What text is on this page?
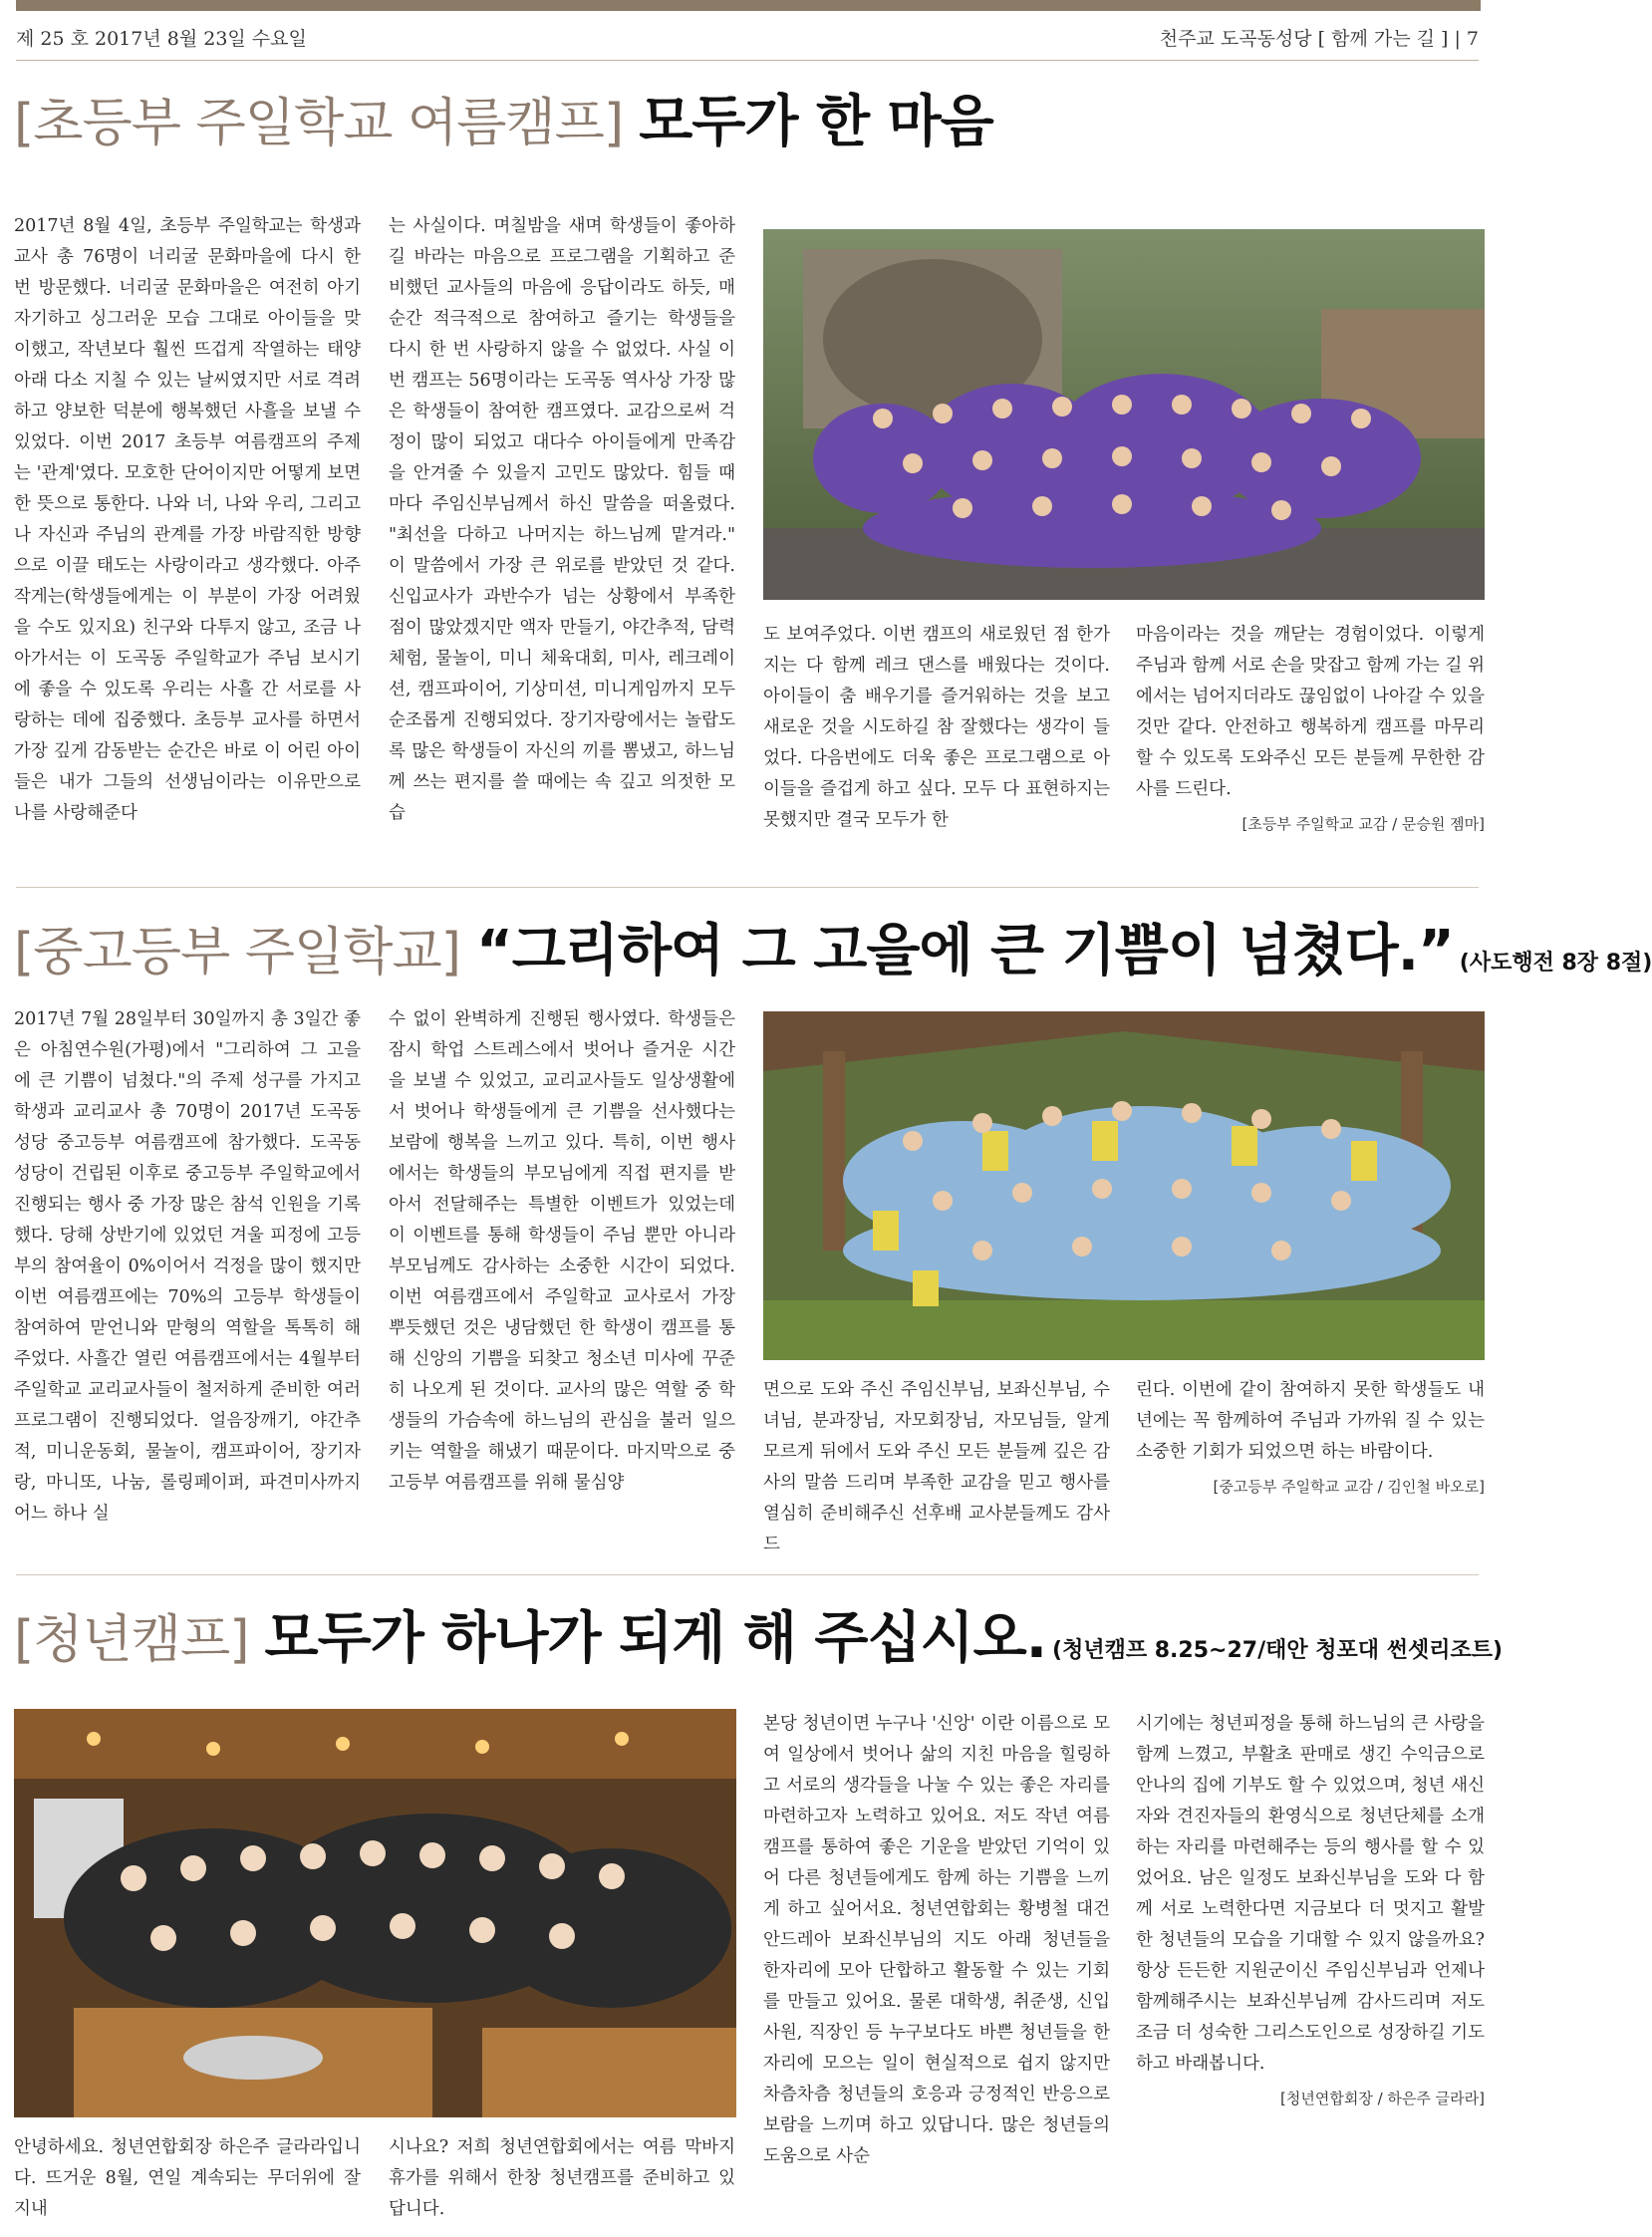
제 25 호 2017년 8월 23일 수요일	천주교 도곡동성당 [ 함께 가는 길 ] | 7
[초등부 주일학교 여름캠프] 모두가 한 마음

2017년 8월 4일, 초등부 주일학교는 학생과 교사 총 76명이 너리굴 문화마을에 다시 한 번 방문했다. 너리굴 문화마을은 여전히 아기자기하고 싱그러운 모습 그대로 아이들을 맞이했고, 작년보다 훨씬 뜨겁게 작열하는 태양 아래 다소 지칠 수 있는 날씨였지만 서로 격려하고 양보한 덕분에 행복했던 사흘을 보낼 수 있었다. 이번 2017 초등부 여름캠프의 주제는 '관계'였다. 모호한 단어이지만 어떻게 보면 한 뜻으로 통한다. 나와 너, 나와 우리, 그리고 나 자신과 주님의 관계를 가장 바람직한 방향으로 이끌 태도는 사랑이라고 생각했다. 아주 작게는(학생들에게는 이 부분이 가장 어려웠을 수도 있지요) 친구와 다투지 않고, 조금 나아가서는 이 도곡동 주일학교가 주님 보시기에 좋을 수 있도록 우리는 사흘 간 서로를 사랑하는 데에 집중했다. 초등부 교사를 하면서 가장 깊게 감동받는 순간은 바로 이 어린 아이들은 내가 그들의 선생님이라는 이유만으로 나를 사랑해준다

는 사실이다. 며칠밤을 새며 학생들이 좋아하길 바라는 마음으로 프로그램을 기획하고 준비했던 교사들의 마음에 응답이라도 하듯, 매순간 적극적으로 참여하고 즐기는 학생들을 다시 한 번 사랑하지 않을 수 없었다. 사실 이번 캠프는 56명이라는 도곡동 역사상 가장 많은 학생들이 참여한 캠프였다. 교감으로써 걱정이 많이 되었고 대다수 아이들에게 만족감을 안겨줄 수 있을지 고민도 많았다. 힘들 때마다 주임신부님께서 하신 말씀을 떠올렸다. "최선을 다하고 나머지는 하느님께 맡겨라." 이 말씀에서 가장 큰 위로를 받았던 것 같다. 신입교사가 과반수가 넘는 상황에서 부족한 점이 많았겠지만 액자 만들기, 야간추적, 담력체험, 물놀이, 미니 체육대회, 미사, 레크레이션, 캠프파이어, 기상미션, 미니게임까지 모두 순조롭게 진행되었다. 장기자랑에서는 놀랍도록 많은 학생들이 자신의 끼를 뽐냈고, 하느님께 쓰는 편지를 쓸 때에는 속 깊고 의젓한 모습

도 보여주었다. 이번 캠프의 새로웠던 점 한가지는 다 함께 레크 댄스를 배웠다는 것이다. 아이들이 춤 배우기를 즐거워하는 것을 보고 새로운 것을 시도하길 참 잘했다는 생각이 들었다. 다음번에도 더욱 좋은 프로그램으로 아이들을 즐겁게 하고 싶다. 모두 다 표현하지는 못했지만 결국 모두가 한

마음이라는 것을 깨닫는 경험이었다. 이렇게 주님과 함께 서로 손을 맞잡고 함께 가는 길 위에서는 넘어지더라도 끊임없이 나아갈 수 있을 것만 같다. 안전하고 행복하게 캠프를 마무리 할 수 있도록 도와주신 모든 분들께 무한한 감사를 드린다.

[초등부 주일학교 교감 / 문승원 젬마]

[중고등부 주일학교] “그리하여 그 고을에 큰 기쁨이 넘쳤다.” (사도행전 8장 8절)

2017년 7월 28일부터 30일까지 총 3일간 좋은 아침연수원(가평)에서 "그리하여 그 고을에 큰 기쁨이 넘쳤다."의 주제 성구를 가지고 학생과 교리교사 총 70명이 2017년 도곡동성당 중고등부 여름캠프에 참가했다. 도곡동성당이 건립된 이후로 중고등부 주일학교에서 진행되는 행사 중 가장 많은 참석 인원을 기록했다. 당해 상반기에 있었던 겨울 피정에 고등부의 참여율이 0%이어서 걱정을 많이 했지만 이번 여름캠프에는 70%의 고등부 학생들이 참여하여 맏언니와 맏형의 역할을 톡톡히 해주었다. 사흘간 열린 여름캠프에서는 4월부터 주일학교 교리교사들이 철저하게 준비한 여러 프로그램이 진행되었다. 얼음장깨기, 야간추적, 미니운동회, 물놀이, 캠프파이어, 장기자랑, 마니또, 나눔, 롤링페이퍼, 파견미사까지 어느 하나 실

수 없이 완벽하게 진행된 행사였다. 학생들은 잠시 학업 스트레스에서 벗어나 즐거운 시간을 보낼 수 있었고, 교리교사들도 일상생활에서 벗어나 학생들에게 큰 기쁨을 선사했다는 보람에 행복을 느끼고 있다. 특히, 이번 행사에서는 학생들의 부모님에게 직접 편지를 받아서 전달해주는 특별한 이벤트가 있었는데 이 이벤트를 통해 학생들이 주님 뿐만 아니라 부모님께도 감사하는 소중한 시간이 되었다. 이번 여름캠프에서 주일학교 교사로서 가장 뿌듯했던 것은 냉담했던 한 학생이 캠프를 통해 신앙의 기쁨을 되찾고 청소년 미사에 꾸준히 나오게 된 것이다. 교사의 많은 역할 중 학생들의 가슴속에 하느님의 관심을 불러 일으키는 역할을 해냈기 때문이다. 마지막으로 중고등부 여름캠프를 위해 물심양

면으로 도와 주신 주임신부님, 보좌신부님, 수녀님, 분과장님, 자모회장님, 자모님들, 알게 모르게 뒤에서 도와 주신 모든 분들께 깊은 감사의 말씀 드리며 부족한 교감을 믿고 행사를 열심히 준비해주신 선후배 교사분들께도 감사드

린다. 이번에 같이 참여하지 못한 학생들도 내년에는 꼭 함께하여 주님과 가까워 질 수 있는 소중한 기회가 되었으면 하는 바람이다.

[중고등부 주일학교 교감 / 김인철 바오로]

[청년캠프] 모두가 하나가 되게 해 주십시오. (청년캠프 8.25~27/태안 청포대 썬셋리조트)

안녕하세요. 청년연합회장 하은주 글라라입니다. 뜨거운 8월, 연일 계속되는 무더위에 잘 지내

시나요? 저희 청년연합회에서는 여름 막바지 휴가를 위해서 한창 청년캠프를 준비하고 있답니다.

본당 청년이면 누구나 '신앙' 이란 이름으로 모여 일상에서 벗어나 삶의 지친 마음을 힐링하고 서로의 생각들을 나눌 수 있는 좋은 자리를 마련하고자 노력하고 있어요. 저도 작년 여름캠프를 통하여 좋은 기운을 받았던 기억이 있어 다른 청년들에게도 함께 하는 기쁨을 느끼게 하고 싶어서요. 청년연합회는 황병철 대건안드레아 보좌신부님의 지도 아래 청년들을 한자리에 모아 단합하고 활동할 수 있는 기회를 만들고 있어요. 물론 대학생, 취준생, 신입사원, 직장인 등 누구보다도 바쁜 청년들을 한자리에 모으는 일이 현실적으로 쉽지 않지만 차츰차츰 청년들의 호응과 긍정적인 반응으로 보람을 느끼며 하고 있답니다. 많은 청년들의 도움으로 사순

시기에는 청년피정을 통해 하느님의 큰 사랑을 함께 느꼈고, 부활초 판매로 생긴 수익금으로 안나의 집에 기부도 할 수 있었으며, 청년 새신자와 견진자들의 환영식으로 청년단체를 소개하는 자리를 마련해주는 등의 행사를 할 수 있었어요. 남은 일정도 보좌신부님을 도와 다 함께 서로 노력한다면 지금보다 더 멋지고 활발한 청년들의 모습을 기대할 수 있지 않을까요? 항상 든든한 지원군이신 주임신부님과 언제나 함께해주시는 보좌신부님께 감사드리며 저도 조금 더 성숙한 그리스도인으로 성장하길 기도하고 바래봅니다.

[청년연합회장 / 하은주 글라라]
